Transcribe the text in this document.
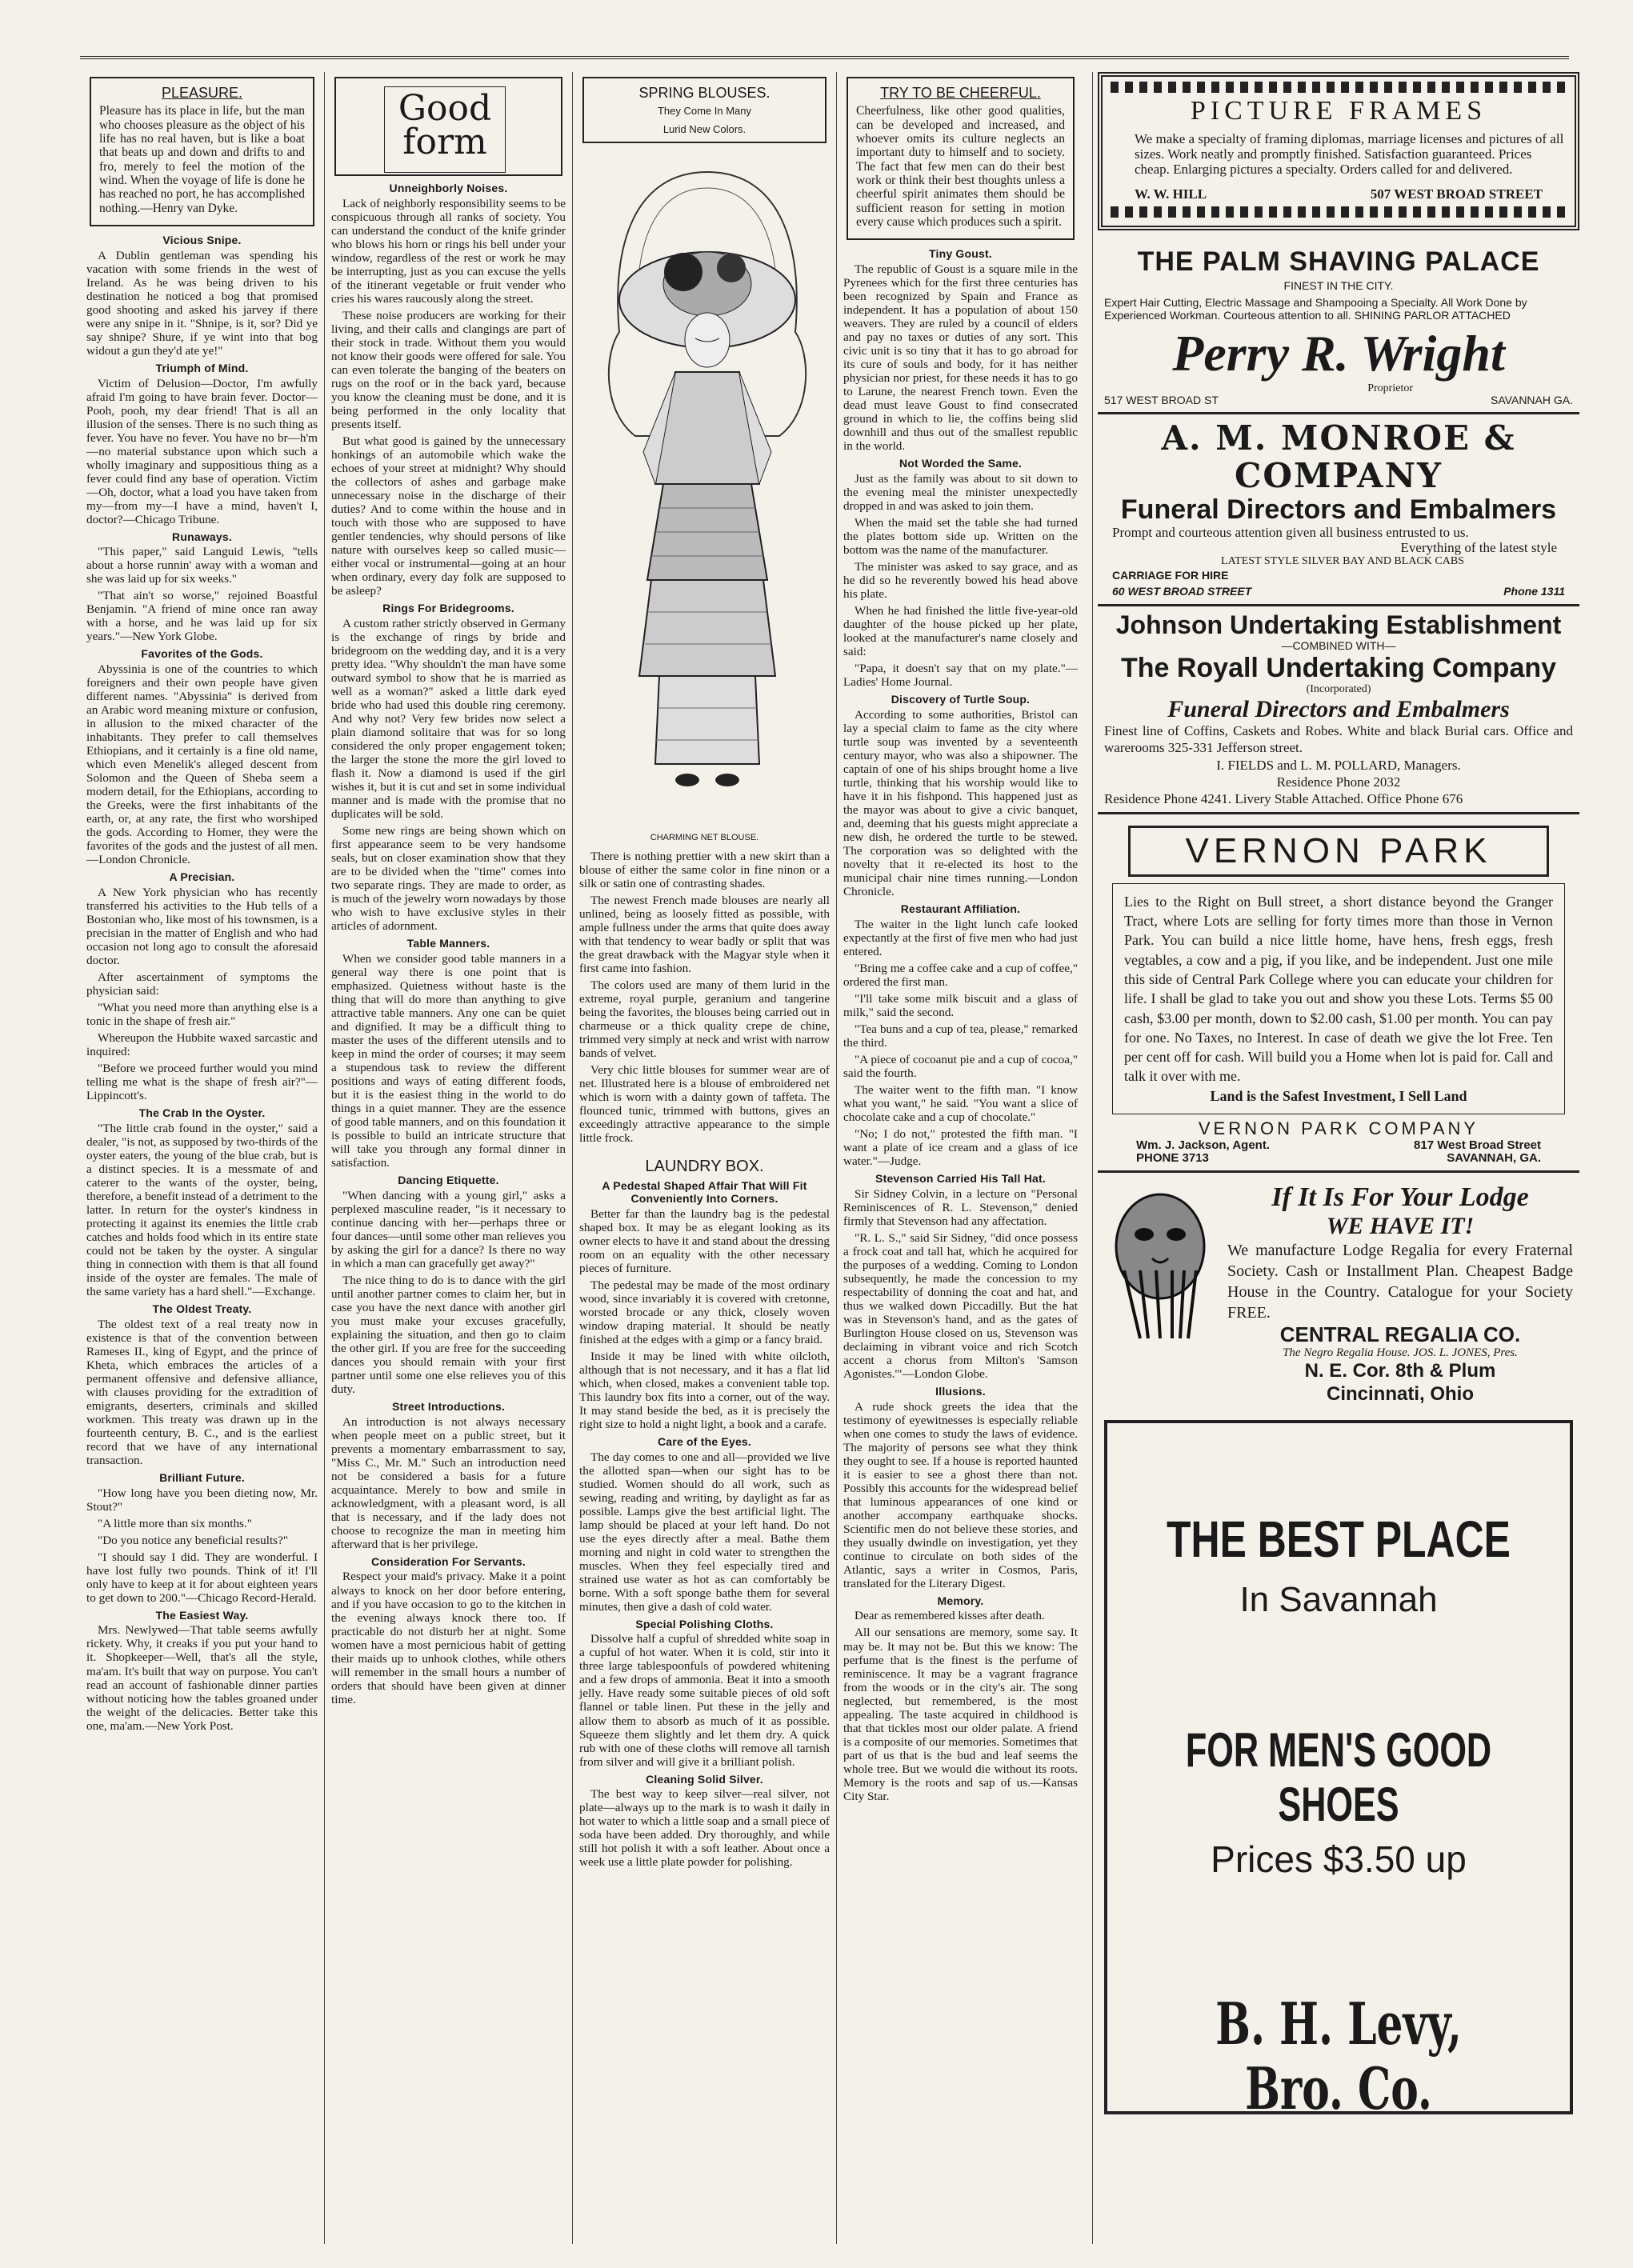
PLEASURE.

Pleasure has its place in life, but the man who chooses pleasure as the object of his life has no real haven, but is like a boat that beats up and down and drifts to and fro, merely to feel the motion of the wind. When the voyage of life is done he has reached no port, he has accomplished nothing.—Henry van Dyke.

Vicious Snipe.

A Dublin gentleman was spending his vacation with some friends in the west of Ireland. As he was being driven to his destination he noticed a bog that promised good shooting and asked his jarvey if there were any snipe in it. "Shnipe, is it, sor? Did ye say shnipe? Shure, if ye wint into that bog widout a gun they'd ate ye!"

Triumph of Mind.

Victim of Delusion—Doctor, I'm awfully afraid I'm going to have brain fever. Doctor—Pooh, pooh, my dear friend! That is all an illusion of the senses. There is no such thing as fever. You have no fever. You have no br—h'm—no material substance upon which such a wholly imaginary and suppositious thing as a fever could find any base of operation. Victim—Oh, doctor, what a load you have taken from my—from my—I have a mind, haven't I, doctor?—Chicago Tribune.

Runaways.

"This paper," said Languid Lewis, "tells about a horse runnin' away with a woman and she was laid up for six weeks."

"That ain't so worse," rejoined Boastful Benjamin. "A friend of mine once ran away with a horse, and he was laid up for six years."—New York Globe.

Favorites of the Gods.

Abyssinia is one of the countries to which foreigners and their own people have given different names. "Abyssinia" is derived from an Arabic word meaning mixture or confusion, in allusion to the mixed character of the inhabitants. They prefer to call themselves Ethiopians, and it certainly is a fine old name, which even Menelik's alleged descent from Solomon and the Queen of Sheba seem a modern detail, for the Ethiopians, according to the Greeks, were the first inhabitants of the earth, or, at any rate, the first who worshiped the gods. According to Homer, they were the favorites of the gods and the justest of all men.—London Chronicle.

A Precisian.

A New York physician who has recently transferred his activities to the Hub tells of a Bostonian who, like most of his townsmen, is a precisian in the matter of English and who had occasion not long ago to consult the aforesaid doctor.

After ascertainment of symptoms the physician said:

"What you need more than anything else is a tonic in the shape of fresh air."

Whereupon the Hubbite waxed sarcastic and inquired:

"Before we proceed further would you mind telling me what is the shape of fresh air?"—Lippincott's.

The Crab In the Oyster.

"The little crab found in the oyster," said a dealer, "is not, as supposed by two-thirds of the oyster eaters, the young of the blue crab, but is a distinct species. It is a messmate of and caterer to the wants of the oyster, being, therefore, a benefit instead of a detriment to the latter. In return for the oyster's kindness in protecting it against its enemies the little crab catches and holds food which in its entire state could not be taken by the oyster. A singular thing in connection with them is that all found inside of the oyster are females. The male of the same variety has a hard shell."—Exchange.

The Oldest Treaty.

The oldest text of a real treaty now in existence is that of the convention between Rameses II., king of Egypt, and the prince of Kheta, which embraces the articles of a permanent offensive and defensive alliance, with clauses providing for the extradition of emigrants, deserters, criminals and skilled workmen. This treaty was drawn up in the fourteenth century, B. C., and is the earliest record that we have of any international transaction.

Brilliant Future.

"How long have you been dieting now, Mr. Stout?"

"A little more than six months."

"Do you notice any beneficial results?"

"I should say I did. They are wonderful. I have lost fully two pounds. Think of it! I'll only have to keep at it for about eighteen years to get down to 200."—Chicago Record-Herald.

The Easiest Way.

Mrs. Newlywed—That table seems awfully rickety. Why, it creaks if you put your hand to it. Shopkeeper—Well, that's all the style, ma'am. It's built that way on purpose. You can't read an account of fashionable dinner parties without noticing how the tables groaned under the weight of the delicacies. Better take this one, ma'am.—New York Post.

Good form
Unneighborly Noises.

Lack of neighborly responsibility seems to be conspicuous through all ranks of society. You can understand the conduct of the knife grinder who blows his horn or rings his bell under your window, regardless of the rest or work he may be interrupting, just as you can excuse the yells of the itinerant vegetable or fruit vender who cries his wares raucously along the street.

These noise producers are working for their living, and their calls and clangings are part of their stock in trade. Without them you would not know their goods were offered for sale. You can even tolerate the banging of the beaters on rugs on the roof or in the back yard, because you know the cleaning must be done, and it is being performed in the only locality that presents itself.

But what good is gained by the unnecessary honkings of an automobile which wake the echoes of your street at midnight? Why should the collectors of ashes and garbage make unnecessary noise in the discharge of their duties? And to come within the house and in touch with those who are supposed to have gentler tendencies, why should persons of like nature with ourselves keep so called music—either vocal or instrumental—going at an hour when ordinary, every day folk are supposed to be asleep?

Rings For Bridegrooms.

A custom rather strictly observed in Germany is the exchange of rings by bride and bridegroom on the wedding day, and it is a very pretty idea. "Why shouldn't the man have some outward symbol to show that he is married as well as a woman?" asked a little dark eyed bride who had used this double ring ceremony. And why not? Very few brides now select a plain diamond solitaire that was for so long considered the only proper engagement token; the larger the stone the more the girl loved to flash it. Now a diamond is used if the girl wishes it, but it is cut and set in some individual manner and is made with the promise that no duplicates will be sold.

Some new rings are being shown which on first appearance seem to be very handsome seals, but on closer examination show that they are to be divided when the "time" comes into two separate rings. They are made to order, as is much of the jewelry worn nowadays by those who wish to have exclusive styles in their articles of adornment.

Table Manners.

When we consider good table manners in a general way there is one point that is emphasized. Quietness without haste is the thing that will do more than anything to give attractive table manners. Any one can be quiet and dignified. It may be a difficult thing to master the uses of the different utensils and to keep in mind the order of courses; it may seem a stupendous task to review the different positions and ways of eating different foods, but it is the easiest thing in the world to do things in a quiet manner. They are the essence of good table manners, and on this foundation it is possible to build an intricate structure that will take you through any formal dinner in satisfaction.

Dancing Etiquette.

"When dancing with a young girl," asks a perplexed masculine reader, "is it necessary to continue dancing with her—perhaps three or four dances—until some other man relieves you by asking the girl for a dance? Is there no way in which a man can gracefully get away?"

The nice thing to do is to dance with the girl until another partner comes to claim her, but in case you have the next dance with another girl you must make your excuses gracefully, explaining the situation, and then go to claim the other girl. If you are free for the succeeding dances you should remain with your first partner until some one else relieves you of this duty.

Street Introductions.

An introduction is not always necessary when people meet on a public street, but it prevents a momentary embarrassment to say, "Miss C., Mr. M." Such an introduction need not be considered a basis for a future acquaintance. Merely to bow and smile in acknowledgment, with a pleasant word, is all that is necessary, and if the lady does not choose to recognize the man in meeting him afterward that is her privilege.

Consideration For Servants.

Respect your maid's privacy. Make it a point always to knock on her door before entering, and if you have occasion to go to the kitchen in the evening always knock there too. If practicable do not disturb her at night. Some women have a most pernicious habit of getting their maids up to unhook clothes, while others will remember in the small hours a number of orders that should have been given at dinner time.

SPRING BLOUSES.
They Come In Many
Lurid New Colors.
CHARMING NET BLOUSE.

There is nothing prettier with a new skirt than a blouse of either the same color in fine ninon or a silk or satin one of contrasting shades.

The newest French made blouses are nearly all unlined, being as loosely fitted as possible, with ample fullness under the arms that quite does away with that tendency to wear badly or split that was the great drawback with the Magyar style when it first came into fashion.

The colors used are many of them lurid in the extreme, royal purple, geranium and tangerine being the favorites, the blouses being carried out in charmeuse or a thick quality crepe de chine, trimmed very simply at neck and wrist with narrow bands of velvet.

Very chic little blouses for summer wear are of net. Illustrated here is a blouse of embroidered net which is worn with a dainty gown of taffeta. The flounced tunic, trimmed with buttons, gives an exceedingly attractive appearance to the simple little frock.

LAUNDRY BOX.
A Pedestal Shaped Affair That Will Fit Conveniently Into Corners.

Better far than the laundry bag is the pedestal shaped box. It may be as elegant looking as its owner elects to have it and stand about the dressing room on an equality with the other necessary pieces of furniture.

The pedestal may be made of the most ordinary wood, since invariably it is covered with cretonne, worsted brocade or any thick, closely woven window draping material. It should be neatly finished at the edges with a gimp or a fancy braid.

Inside it may be lined with white oilcloth, although that is not necessary, and it has a flat lid which, when closed, makes a convenient table top. This laundry box fits into a corner, out of the way. It may stand beside the bed, as it is precisely the right size to hold a night light, a book and a carafe.

Care of the Eyes.

The day comes to one and all—provided we live the allotted span—when our sight has to be studied. Women should do all work, such as sewing, reading and writing, by daylight as far as possible. Lamps give the best artificial light. The lamp should be placed at your left hand. Do not use the eyes directly after a meal. Bathe them morning and night in cold water to strengthen the muscles. When they feel especially tired and strained use water as hot as can comfortably be borne. With a soft sponge bathe them for several minutes, then give a dash of cold water.

Special Polishing Cloths.

Dissolve half a cupful of shredded white soap in a cupful of hot water. When it is cold, stir into it three large tablespoonfuls of powdered whitening and a few drops of ammonia. Beat it into a smooth jelly. Have ready some suitable pieces of old soft flannel or table linen. Put these in the jelly and allow them to absorb as much of it as possible. Squeeze them slightly and let them dry. A quick rub with one of these cloths will remove all tarnish from silver and will give it a brilliant polish.

Cleaning Solid Silver.

The best way to keep silver—real silver, not plate—always up to the mark is to wash it daily in hot water to which a little soap and a small piece of soda have been added. Dry thoroughly, and while still hot polish it with a soft leather. About once a week use a little plate powder for polishing.

TRY TO BE CHEERFUL.

Cheerfulness, like other good qualities, can be developed and increased, and whoever omits its culture neglects an important duty to himself and to society. The fact that few men can do their best work or think their best thoughts unless a cheerful spirit animates them should be sufficient reason for setting in motion every cause which produces such a spirit.

Tiny Goust.

The republic of Goust is a square mile in the Pyrenees which for the first three centuries has been recognized by Spain and France as independent. It has a population of about 150 weavers. They are ruled by a council of elders and pay no taxes or duties of any sort. This civic unit is so tiny that it has to go abroad for its cure of souls and body, for it has neither physician nor priest, for these needs it has to go to Larune, the nearest French town. Even the dead must leave Goust to find consecrated ground in which to lie, the coffins being slid downhill and thus out of the smallest republic in the world.

Not Worded the Same.

Just as the family was about to sit down to the evening meal the minister unexpectedly dropped in and was asked to join them.

When the maid set the table she had turned the plates bottom side up. Written on the bottom was the name of the manufacturer.

The minister was asked to say grace, and as he did so he reverently bowed his head above his plate.

When he had finished the little five-year-old daughter of the house picked up her plate, looked at the manufacturer's name closely and said:

"Papa, it doesn't say that on my plate."—Ladies' Home Journal.

Discovery of Turtle Soup.

According to some authorities, Bristol can lay a special claim to fame as the city where turtle soup was invented by a seventeenth century mayor, who was also a shipowner. The captain of one of his ships brought home a live turtle, thinking that his worship would like to have it in his fishpond. This happened just as the mayor was about to give a civic banquet, and, deeming that his guests might appreciate a new dish, he ordered the turtle to be stewed. The corporation was so delighted with the novelty that it re-elected its host to the municipal chair nine times running.—London Chronicle.

Restaurant Affiliation.

The waiter in the light lunch cafe looked expectantly at the first of five men who had just entered.

"Bring me a coffee cake and a cup of coffee," ordered the first man.

"I'll take some milk biscuit and a glass of milk," said the second.

"Tea buns and a cup of tea, please," remarked the third.

"A piece of cocoanut pie and a cup of cocoa," said the fourth.

The waiter went to the fifth man. "I know what you want," he said. "You want a slice of chocolate cake and a cup of chocolate."

"No; I do not," protested the fifth man. "I want a plate of ice cream and a glass of ice water."—Judge.

Stevenson Carried His Tall Hat.

Sir Sidney Colvin, in a lecture on "Personal Reminiscences of R. L. Stevenson," denied firmly that Stevenson had any affectation.

"R. L. S.," said Sir Sidney, "did once possess a frock coat and tall hat, which he acquired for the purposes of a wedding. Coming to London subsequently, he made the concession to my respectability of donning the coat and hat, and thus we walked down Piccadilly. But the hat was in Stevenson's hand, and as the gates of Burlington House closed on us, Stevenson was declaiming in vibrant voice and rich Scotch accent a chorus from Milton's 'Samson Agonistes.'"—London Globe.

Illusions.

A rude shock greets the idea that the testimony of eyewitnesses is especially reliable when one comes to study the laws of evidence. The majority of persons see what they think they ought to see. If a house is reported haunted it is easier to see a ghost there than not. Possibly this accounts for the widespread belief that luminous appearances of one kind or another accompany earthquake shocks. Scientific men do not believe these stories, and they usually dwindle on investigation, yet they continue to circulate on both sides of the Atlantic, says a writer in Cosmos, Paris, translated for the Literary Digest.

Memory.

Dear as remembered kisses after death.

All our sensations are memory, some say. It may be. It may not be. But this we know: The perfume that is the finest is the perfume of reminiscence. It may be a vagrant fragrance from the woods or in the city's air. The song neglected, but remembered, is the most appealing. The taste acquired in childhood is that that tickles most our older palate. A friend is a composite of our memories. Sometimes that part of us that is the bud and leaf seems the whole tree. But we would die without its roots. Memory is the roots and sap of us.—Kansas City Star.

PICTURE FRAMES
We make a specialty of framing diplomas, marriage licenses and pictures of all sizes. Work neatly and promptly finished. Satisfaction guaranteed. Prices cheap. Enlarging pictures a specialty. Orders called for and delivered.
W. W. HILL	507 WEST BROAD STREET
THE PALM SHAVING PALACE
FINEST IN THE CITY.
Expert Hair Cutting, Electric Massage and Shampooing a Specialty. All Work Done by Experienced Workman. Courteous attention to all. SHINING PARLOR ATTACHED
Perry R. Wright
Proprietor
517 WEST BROAD ST	SAVANNAH GA.
A. M. MONROE & COMPANY
Funeral Directors and Embalmers
Prompt and courteous attention given all business entrusted to us.
Everything of the latest style
LATEST STYLE SILVER BAY AND BLACK CABS
CARRIAGE FOR HIRE
60 WEST BROAD STREET	Phone 1311
Johnson Undertaking Establishment
—COMBINED WITH—
The Royall Undertaking Company
(Incorporated)
Funeral Directors and Embalmers
Finest line of Coffins, Caskets and Robes. White and black Burial cars. Office and warerooms 325-331 Jefferson street.
I. FIELDS and L. M. POLLARD, Managers.
Residence Phone 2032
Residence Phone 4241. Livery Stable Attached. Office Phone 676
VERNON PARK
Lies to the Right on Bull street, a short distance beyond the Granger Tract, where Lots are selling for forty times more than those in Vernon Park. You can build a nice little home, have hens, fresh eggs, fresh vegtables, a cow and a pig, if you like, and be independent. Just one mile this side of Central Park College where you can educate your children for life. I shall be glad to take you out and show you these Lots. Terms $5 00 cash, $3.00 per month, down to $2.00 cash, $1.00 per month. You can pay for one. No Taxes, no Interest. In case of death we give the lot Free. Ten per cent off for cash. Will build you a Home when lot is paid for. Call and talk it over with me.
Land is the Safest Investment, I Sell Land
VERNON PARK COMPANY
Wm. J. Jackson, Agent.	817 West Broad Street
PHONE 3713	SAVANNAH, GA.
If It Is For Your Lodge
WE HAVE IT!
We manufacture Lodge Regalia for every Fraternal Society. Cash or Installment Plan. Cheapest Badge House in the Country. Catalogue for your Society FREE.
CENTRAL REGALIA CO.
The Negro Regalia House. JOS. L. JONES, Pres.
N. E. Cor. 8th & Plum
Cincinnati, Ohio
THE BEST PLACE
In Savannah
FOR MEN'S GOOD SHOES
Prices $3.50 up
B. H. Levy, Bro. Co.
